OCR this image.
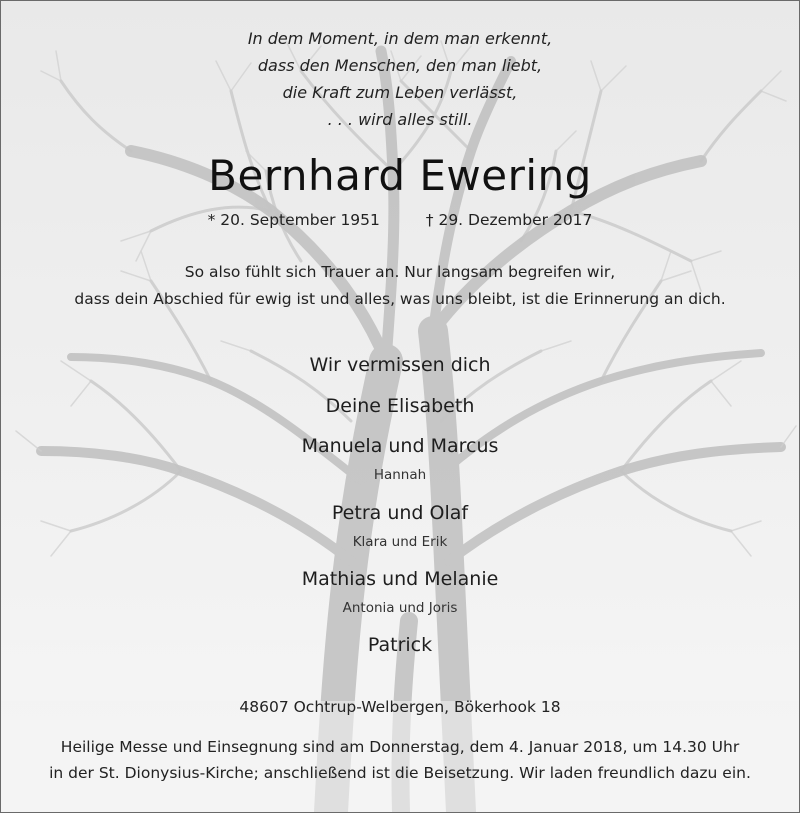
In dem Moment, in dem man erkennt,
dass den Menschen, den man liebt,
die Kraft zum Leben verlässt,
. . . wird alles still.
Bernhard Ewering
* 20. September 1951	† 29. Dezember 2017
So also fühlt sich Trauer an. Nur langsam begreifen wir,
dass dein Abschied für ewig ist und alles, was uns bleibt, ist die Erinnerung an dich.
Wir vermissen dich
Deine Elisabeth
Manuela und Marcus
Hannah
Petra und Olaf
Klara und Erik
Mathias und Melanie
Antonia und Joris
Patrick
48607 Ochtrup-Welbergen, Bökerhook 18
Heilige Messe und Einsegnung sind am Donnerstag, dem 4. Januar 2018, um 14.30 Uhr
in der St. Dionysius-Kirche; anschließend ist die Beisetzung. Wir laden freundlich dazu ein.
